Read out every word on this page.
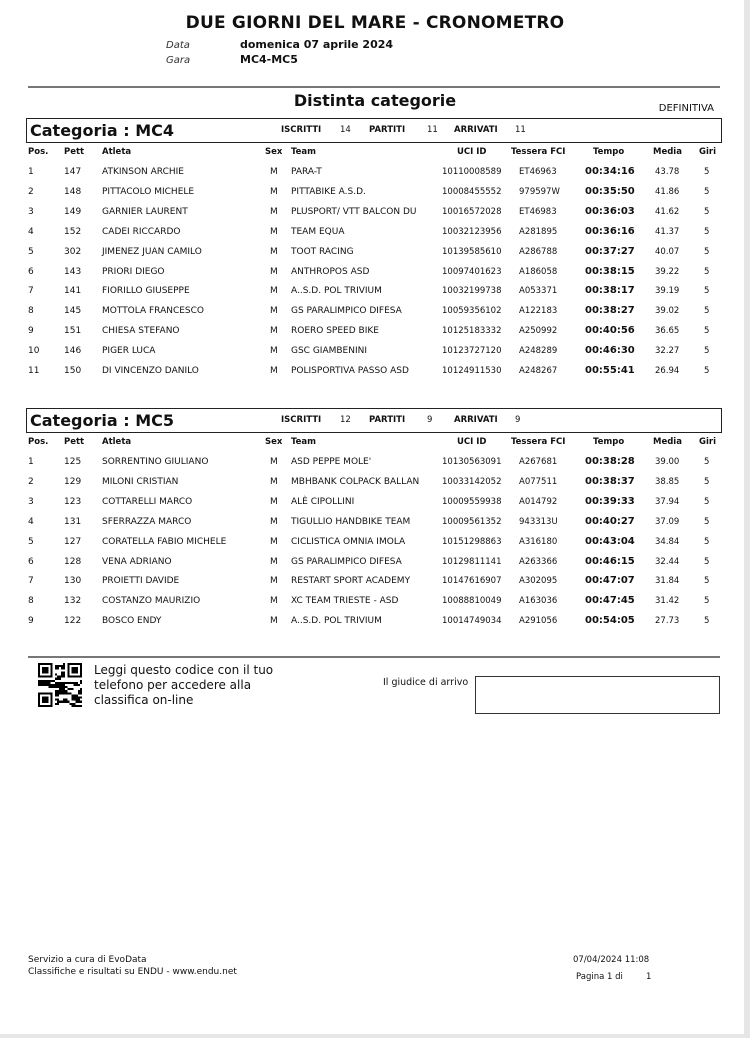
DUE GIORNI DEL MARE - CRONOMETRO
Data	domenica 07 aprile 2024
Gara	MC4-MC5
Distinta categorie	DEFINITIVA
Categoria : MC4	ISCRITTI 14 PARTITI	11 ARRIVATI 11
Pos. Pett Atleta	Sex Team	UCI ID	Tessera FCI	Tempo	Media Giri
1	147 ATKINSON ARCHIE	M PARA-T	10110008589 ET46963	00:34:16 43.78	5
2	148 PITTACOLO MICHELE	M PITTABIKE A.S.D.	10008455552 979597W	00:35:50 41.86	5
3	149 GARNIER LAURENT	M PLUSPORT/ VTT BALCON DU	10016572028 ET46983	00:36:03 41.62	5
4	152 CADEI RICCARDO	M TEAM EQUA	10032123956 A281895	00:36:16 41.37	5
5	302 JIMENEZ JUAN CAMILO	M TOOT RACING	10139585610 A286788	00:37:27 40.07	5
6	143 PRIORI DIEGO	M ANTHROPOS ASD	10097401623 A186058	00:38:15 39.22	5
7	141 FIORILLO GIUSEPPE	M A..S.D. POL TRIVIUM	10032199738 A053371	00:38:17 39.19	5
8	145 MOTTOLA FRANCESCO	M GS PARALIMPICO DIFESA	10059356102 A122183	00:38:27 39.02	5
9	151 CHIESA STEFANO	M ROERO SPEED BIKE	10125183332 A250992	00:40:56 36.65	5
10	146 PIGER LUCA	M GSC GIAMBENINI	10123727120 A248289	00:46:30 32.27	5
11	150 DI VINCENZO DANILO	M POLISPORTIVA PASSO ASD	10124911530 A248267	00:55:41 26.94	5
Categoria : MC5	ISCRITTI 12 PARTITI	9	ARRIVATI 9
Pos. Pett Atleta	Sex Team	UCI ID	Tessera FCI	Tempo	Media Giri
1	125 SORRENTINO GIULIANO	M ASD PEPPE MOLE'	10130563091 A267681	00:38:28 39.00	5
2	129 MILONI CRISTIAN	M MBHBANK COLPACK BALLAN	10033142052 A077511	00:38:37 38.85	5
3	123 COTTARELLI MARCO	M ALÈ CIPOLLINI	10009559938 A014792	00:39:33 37.94	5
4	131 SFERRAZZA MARCO	M TIGULLIO HANDBIKE TEAM	10009561352 943313U	00:40:27 37.09	5
5	127 CORATELLA FABIO MICHELE	M CICLISTICA OMNIA IMOLA	10151298863 A316180	00:43:04 34.84	5
6	128 VENA ADRIANO	M GS PARALIMPICO DIFESA	10129811141 A263366	00:46:15 32.44	5
7	130 PROIETTI DAVIDE	M RESTART SPORT ACADEMY	10147616907 A302095	00:47:07 31.84	5
8	132 COSTANZO MAURIZIO	M XC TEAM TRIESTE - ASD	10088810049 A163036	00:47:45 31.42	5
9	122 BOSCO ENDY	M A..S.D. POL TRIVIUM	10014749034 A291056	00:54:05 27.73	5
Leggi questo codice con il tuo telefono per accedere alla classifica on-line
Il giudice di arrivo
Servizio a cura di EvoData
Classifiche e risultati su ENDU - www.endu.net
07/04/2024 11:08
Pagina 1 di	1
